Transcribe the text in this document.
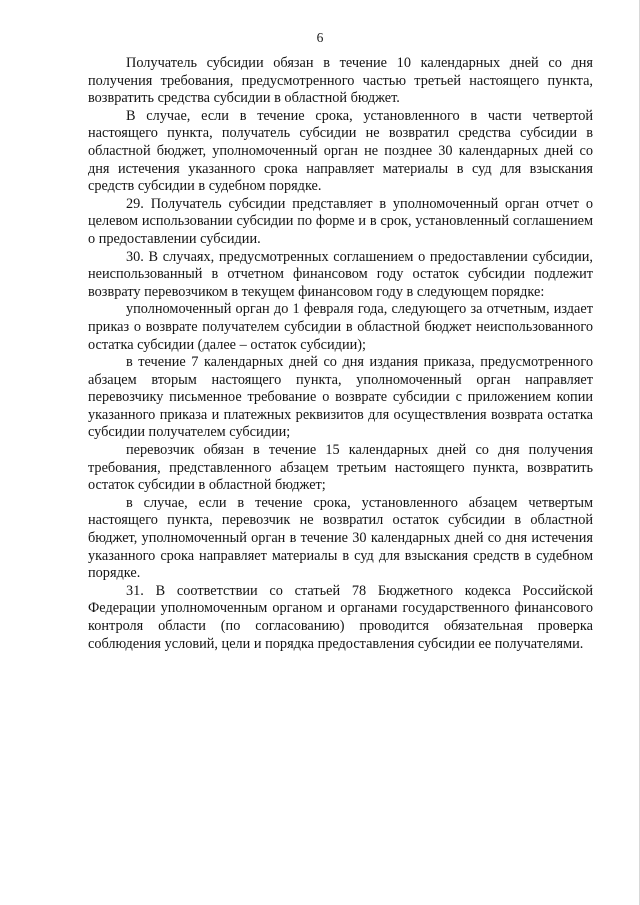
6

Получатель субсидии обязан в течение 10 календарных дней со дня получения требования, предусмотренного частью третьей настоящего пункта, возвратить средства субсидии в областной бюджет.

В случае, если в течение срока, установленного в части четвертой настоящего пункта, получатель субсидии не возвратил средства субсидии в областной бюджет, уполномоченный орган не позднее 30 календарных дней со дня истечения указанного срока направляет материалы в суд для взыскания средств субсидии в судебном порядке.

29. Получатель субсидии представляет в уполномоченный орган отчет о целевом использовании субсидии по форме и в срок, установленный соглашением о предоставлении субсидии.

30. В случаях, предусмотренных соглашением о предоставлении субсидии, неиспользованный в отчетном финансовом году остаток субсидии подлежит возврату перевозчиком в текущем финансовом году в следующем порядке:

уполномоченный орган до 1 февраля года, следующего за отчетным, издает приказ о возврате получателем субсидии в областной бюджет неиспользованного остатка субсидии (далее – остаток субсидии);

в течение 7 календарных дней со дня издания приказа, предусмотренного абзацем вторым настоящего пункта, уполномоченный орган направляет перевозчику письменное требование о возврате субсидии с приложением копии указанного приказа и платежных реквизитов для осуществления возврата остатка субсидии получателем субсидии;

перевозчик обязан в течение 15 календарных дней со дня получения требования, представленного абзацем третьим настоящего пункта, возвратить остаток субсидии в областной бюджет;

в случае, если в течение срока, установленного абзацем четвертым настоящего пункта, перевозчик не возвратил остаток субсидии в областной бюджет, уполномоченный орган в течение 30 календарных дней со дня истечения указанного срока направляет материалы в суд для взыскания средств в судебном порядке.

31. В соответствии со статьей 78 Бюджетного кодекса Российской Федерации уполномоченным органом и органами государственного финансового контроля области (по согласованию) проводится обязательная проверка соблюдения условий, цели и порядка предоставления субсидии ее получателями.
